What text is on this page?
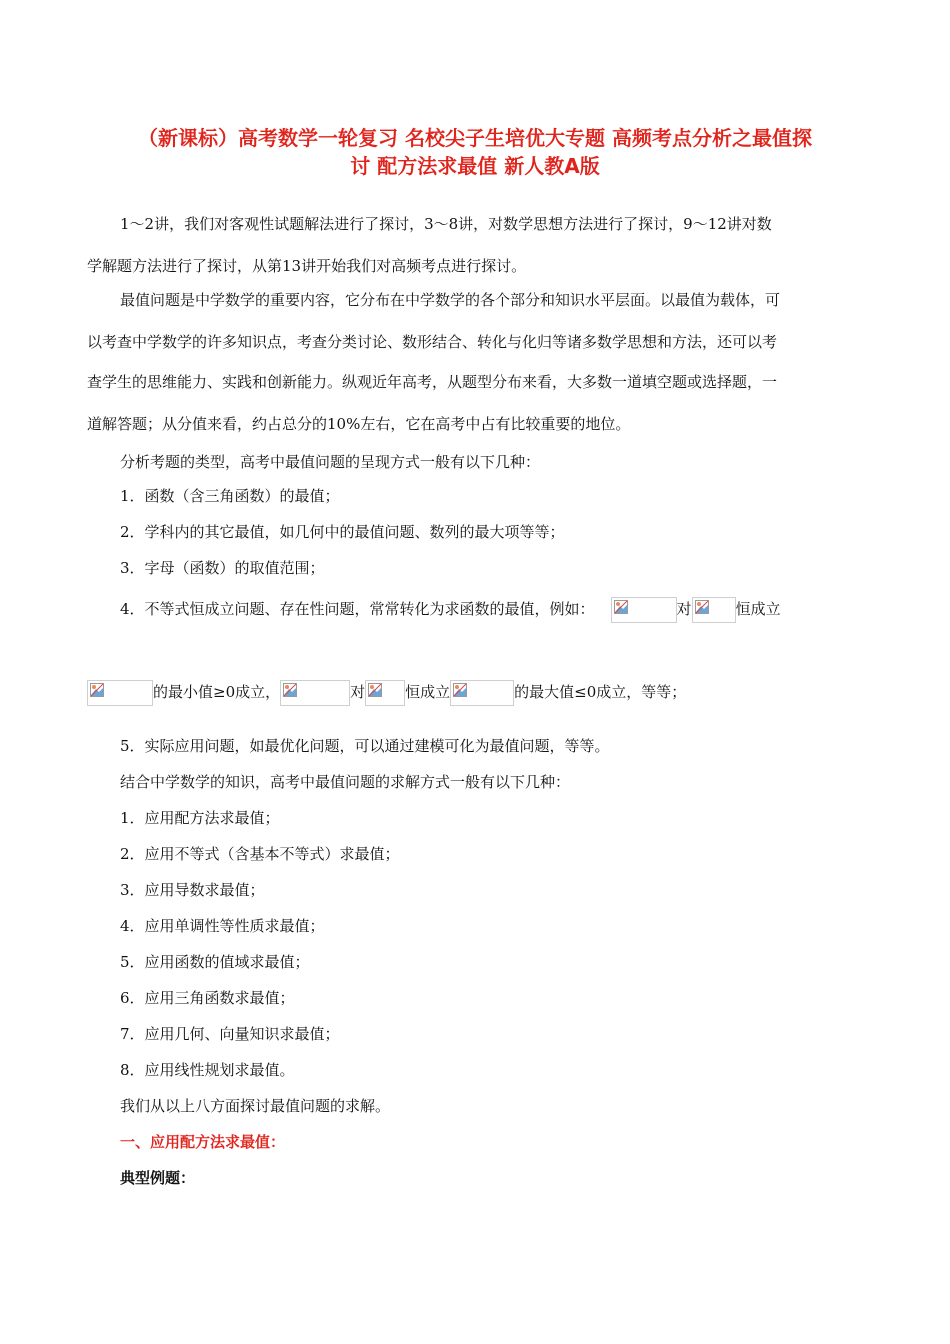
（新课标）高考数学一轮复习 名校尖子生培优大专题 高频考点分析之最值探
讨 配方法求最值 新人教A版
1～2讲，我们对客观性试题解法进行了探讨，3～8讲，对数学思想方法进行了探讨，9～12讲对数
学解题方法进行了探讨，从第13讲开始我们对高频考点进行探讨。
最值问题是中学数学的重要内容，它分布在中学数学的各个部分和知识水平层面。以最值为载体，可
以考查中学数学的许多知识点，考查分类讨论、数形结合、转化与化归等诸多数学思想和方法，还可以考
查学生的思维能力、实践和创新能力。纵观近年高考，从题型分布来看，大多数一道填空题或选择题，一
道解答题；从分值来看，约占总分的10%左右，它在高考中占有比较重要的地位。
分析考题的类型，高考中最值问题的呈现方式一般有以下几种：
1．函数（含三角函数）的最值；
2．学科内的其它最值，如几何中的最值问题、数列的最大项等等；
3．字母（函数）的取值范围；
4．不等式恒成立问题、存在性问题，常常转化为求函数的最值，例如：	对	恒成立
的最小值≥0成立，	对	恒成立	的最大值≤0成立，等等；
5．实际应用问题，如最优化问题，可以通过建模可化为最值问题，等等。
结合中学数学的知识，高考中最值问题的求解方式一般有以下几种：
1．应用配方法求最值；
2．应用不等式（含基本不等式）求最值；
3．应用导数求最值；
4．应用单调性等性质求最值；
5．应用函数的值域求最值；
6．应用三角函数求最值；
7．应用几何、向量知识求最值；
8．应用线性规划求最值。
我们从以上八方面探讨最值问题的求解。
一、应用配方法求最值：
典型例题：
